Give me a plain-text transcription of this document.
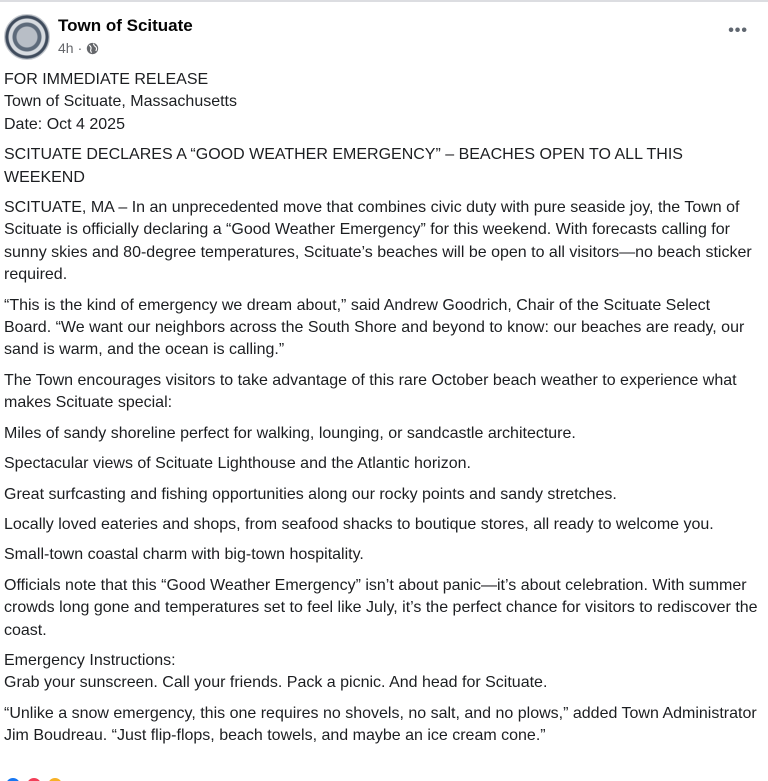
Town of Scituate
4h ·
•••

FOR IMMEDIATE RELEASE
Town of Scituate, Massachusetts
Date: Oct 4 2025

SCITUATE DECLARES A “GOOD WEATHER EMERGENCY” – BEACHES OPEN TO ALL THIS WEEKEND

SCITUATE, MA – In an unprecedented move that combines civic duty with pure seaside joy, the Town of Scituate is officially declaring a “Good Weather Emergency” for this weekend. With forecasts calling for sunny skies and 80-degree temperatures, Scituate’s beaches will be open to all visitors—no beach sticker required.

“This is the kind of emergency we dream about,” said Andrew Goodrich, Chair of the Scituate Select Board. “We want our neighbors across the South Shore and beyond to know: our beaches are ready, our sand is warm, and the ocean is calling.”

The Town encourages visitors to take advantage of this rare October beach weather to experience what makes Scituate special:

Miles of sandy shoreline perfect for walking, lounging, or sandcastle architecture.

Spectacular views of Scituate Lighthouse and the Atlantic horizon.

Great surfcasting and fishing opportunities along our rocky points and sandy stretches.

Locally loved eateries and shops, from seafood shacks to boutique stores, all ready to welcome you.

Small-town coastal charm with big-town hospitality.

Officials note that this “Good Weather Emergency” isn’t about panic—it’s about celebration. With summer crowds long gone and temperatures set to feel like July, it’s the perfect chance for visitors to rediscover the coast.

Emergency Instructions:
Grab your sunscreen. Call your friends. Pack a picnic. And head for Scituate.

“Unlike a snow emergency, this one requires no shovels, no salt, and no plows,” added Town Administrator Jim Boudreau. “Just flip-flops, beach towels, and maybe an ice cream cone.”
